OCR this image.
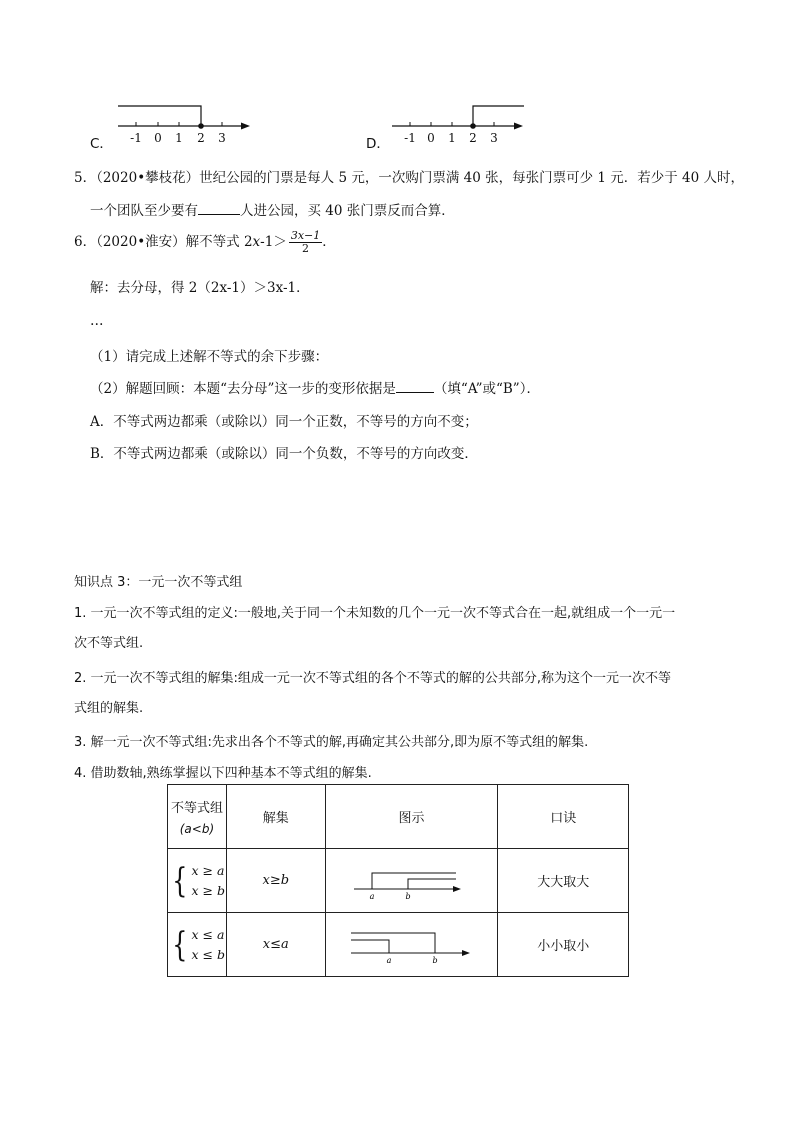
C． -1 0 1 2 3	D． -1 0 1 2 3
5．（2020•攀枝花）世纪公园的门票是每人 5 元，一次购门票满 40 张，每张门票可少 1 元．若少于 40 人时，
一个团队至少要有	人进公园，买 40 张门票反而合算．
6．（2020•淮安）解不等式 $2x-1> \frac{3x-1}{2}$ ．
解：去分母，得 2（2x-1）＞3x-1．
…
（1）请完成上述解不等式的余下步骤：
（2）解题回顾：本题“去分母”这一步的变形依据是	（填“A”或“B”）．
A．不等式两边都乘（或除以）同一个正数，不等号的方向不变；
B．不等式两边都乘（或除以）同一个负数，不等号的方向改变．
知识点 3：一元一次不等式组
1. 一元一次不等式组的定义:一般地,关于同一个未知数的几个一元一次不等式合在一起,就组成一个一元一
次不等式组.
2. 一元一次不等式组的解集:组成一元一次不等式组的各个不等式的解的公共部分,称为这个一元一次不等
式组的解集.
3. 解一元一次不等式组:先求出各个不等式的解,再确定其公共部分,即为原不等式组的解集.
4. 借助数轴,熟练掌握以下四种基本不等式组的解集.
不等式组
(a<b)	解集	图示	口诀

{ x ≥ a
x ≥ b	x≥b	a b	大大取大

{ x ≤ a
x ≤ b	x≤a	a b	小小取小
